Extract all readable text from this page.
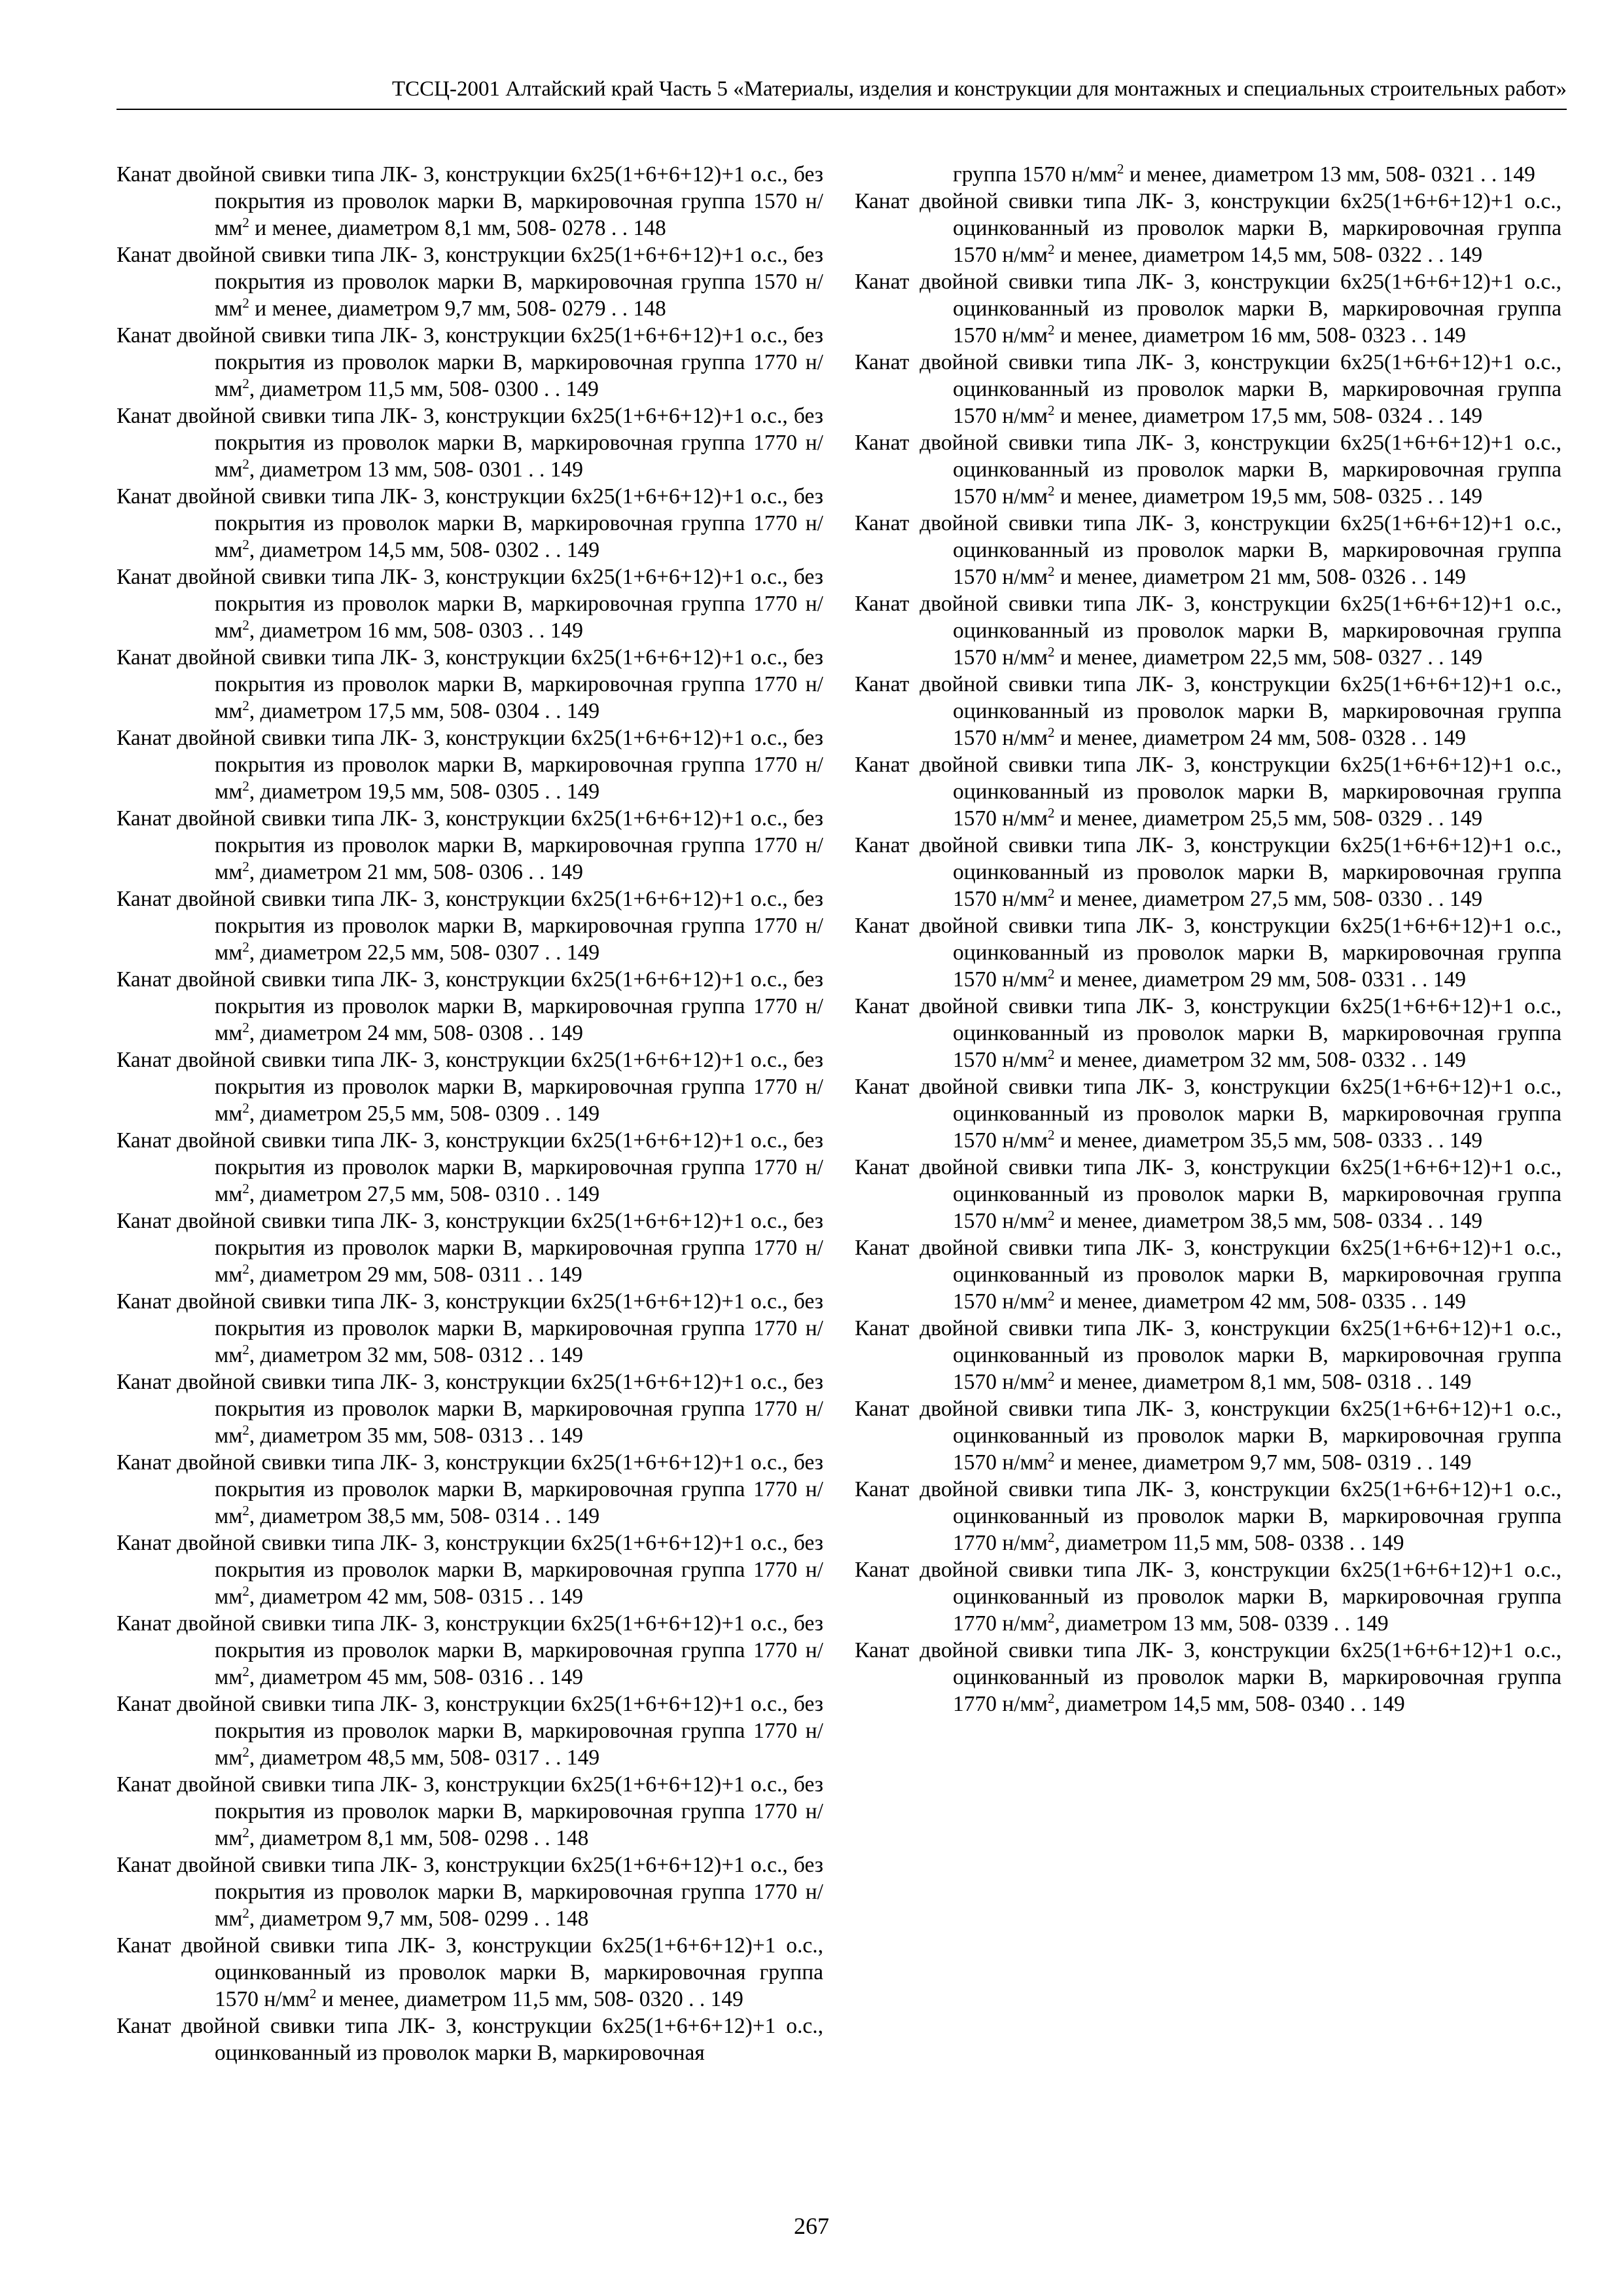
ТССЦ-2001 Алтайский край Часть 5 «Материалы, изделия и конструкции для монтажных и специальных строительных работ»

Канат двойной свивки типа ЛК- З, конструкции 6х25(1+6+6+12)+1 о.с., без покрытия из проволок марки В, маркировочная группа 1570 $н/мм^2$ и менее, диаметром 8,1 мм, 508- 0278 . . 148

Канат двойной свивки типа ЛК- З, конструкции 6х25(1+6+6+12)+1 о.с., без покрытия из проволок марки В, маркировочная группа 1570 $н/мм^2$ и менее, диаметром 9,7 мм, 508- 0279 . . 148

Канат двойной свивки типа ЛК- З, конструкции 6х25(1+6+6+12)+1 о.с., без покрытия из проволок марки В, маркировочная группа 1770 $н/мм^2$, диаметром 11,5 мм, 508- 0300 . . 149

Канат двойной свивки типа ЛК- З, конструкции 6х25(1+6+6+12)+1 о.с., без покрытия из проволок марки В, маркировочная группа 1770 $н/мм^2$, диаметром 13 мм, 508- 0301 . . 149

Канат двойной свивки типа ЛК- З, конструкции 6х25(1+6+6+12)+1 о.с., без покрытия из проволок марки В, маркировочная группа 1770 $н/мм^2$, диаметром 14,5 мм, 508- 0302 . . 149

Канат двойной свивки типа ЛК- З, конструкции 6х25(1+6+6+12)+1 о.с., без покрытия из проволок марки В, маркировочная группа 1770 $н/мм^2$, диаметром 16 мм, 508- 0303 . . 149

Канат двойной свивки типа ЛК- З, конструкции 6х25(1+6+6+12)+1 о.с., без покрытия из проволок марки В, маркировочная группа 1770 $н/мм^2$, диаметром 17,5 мм, 508- 0304 . . 149

Канат двойной свивки типа ЛК- З, конструкции 6х25(1+6+6+12)+1 о.с., без покрытия из проволок марки В, маркировочная группа 1770 $н/мм^2$, диаметром 19,5 мм, 508- 0305 . . 149

Канат двойной свивки типа ЛК- З, конструкции 6х25(1+6+6+12)+1 о.с., без покрытия из проволок марки В, маркировочная группа 1770 $н/мм^2$, диаметром 21 мм, 508- 0306 . . 149

Канат двойной свивки типа ЛК- З, конструкции 6х25(1+6+6+12)+1 о.с., без покрытия из проволок марки В, маркировочная группа 1770 $н/мм^2$, диаметром 22,5 мм, 508- 0307 . . 149

Канат двойной свивки типа ЛК- З, конструкции 6х25(1+6+6+12)+1 о.с., без покрытия из проволок марки В, маркировочная группа 1770 $н/мм^2$, диаметром 24 мм, 508- 0308 . . 149

Канат двойной свивки типа ЛК- З, конструкции 6х25(1+6+6+12)+1 о.с., без покрытия из проволок марки В, маркировочная группа 1770 $н/мм^2$, диаметром 25,5 мм, 508- 0309 . . 149

Канат двойной свивки типа ЛК- З, конструкции 6х25(1+6+6+12)+1 о.с., без покрытия из проволок марки В, маркировочная группа 1770 $н/мм^2$, диаметром 27,5 мм, 508- 0310 . . 149

Канат двойной свивки типа ЛК- З, конструкции 6х25(1+6+6+12)+1 о.с., без покрытия из проволок марки В, маркировочная группа 1770 $н/мм^2$, диаметром 29 мм, 508- 0311 . . 149

Канат двойной свивки типа ЛК- З, конструкции 6х25(1+6+6+12)+1 о.с., без покрытия из проволок марки В, маркировочная группа 1770 $н/мм^2$, диаметром 32 мм, 508- 0312 . . 149

Канат двойной свивки типа ЛК- З, конструкции 6х25(1+6+6+12)+1 о.с., без покрытия из проволок марки В, маркировочная группа 1770 $н/мм^2$, диаметром 35 мм, 508- 0313 . . 149

Канат двойной свивки типа ЛК- З, конструкции 6х25(1+6+6+12)+1 о.с., без покрытия из проволок марки В, маркировочная группа 1770 $н/мм^2$, диаметром 38,5 мм, 508- 0314 . . 149

Канат двойной свивки типа ЛК- З, конструкции 6х25(1+6+6+12)+1 о.с., без покрытия из проволок марки В, маркировочная группа 1770 $н/мм^2$, диаметром 42 мм, 508- 0315 . . 149

Канат двойной свивки типа ЛК- З, конструкции 6х25(1+6+6+12)+1 о.с., без покрытия из проволок марки В, маркировочная группа 1770 $н/мм^2$, диаметром 45 мм, 508- 0316 . . 149

Канат двойной свивки типа ЛК- З, конструкции 6х25(1+6+6+12)+1 о.с., без покрытия из проволок марки В, маркировочная группа 1770 $н/мм^2$, диаметром 48,5 мм, 508- 0317 . . 149

Канат двойной свивки типа ЛК- З, конструкции 6х25(1+6+6+12)+1 о.с., без покрытия из проволок марки В, маркировочная группа 1770 $н/мм^2$, диаметром 8,1 мм, 508- 0298 . . 148

Канат двойной свивки типа ЛК- З, конструкции 6х25(1+6+6+12)+1 о.с., без покрытия из проволок марки В, маркировочная группа 1770 $н/мм^2$, диаметром 9,7 мм, 508- 0299 . . 148

Канат двойной свивки типа ЛК- З, конструкции 6х25(1+6+6+12)+1 о.с., оцинкованный из проволок марки В, маркировочная группа 1570 $н/мм^2$ и менее, диаметром 11,5 мм, 508- 0320 . . 149

Канат двойной свивки типа ЛК- З, конструкции 6х25(1+6+6+12)+1 о.с., оцинкованный из проволок марки В, маркировочная

группа 1570 $н/мм^2$ и менее, диаметром 13 мм, 508- 0321 . . 149

Канат двойной свивки типа ЛК- З, конструкции 6х25(1+6+6+12)+1 о.с., оцинкованный из проволок марки В, маркировочная группа 1570 $н/мм^2$ и менее, диаметром 14,5 мм, 508- 0322 . . 149

Канат двойной свивки типа ЛК- З, конструкции 6х25(1+6+6+12)+1 о.с., оцинкованный из проволок марки В, маркировочная группа 1570 $н/мм^2$ и менее, диаметром 16 мм, 508- 0323 . . 149

Канат двойной свивки типа ЛК- З, конструкции 6х25(1+6+6+12)+1 о.с., оцинкованный из проволок марки В, маркировочная группа 1570 $н/мм^2$ и менее, диаметром 17,5 мм, 508- 0324 . . 149

Канат двойной свивки типа ЛК- З, конструкции 6х25(1+6+6+12)+1 о.с., оцинкованный из проволок марки В, маркировочная группа 1570 $н/мм^2$ и менее, диаметром 19,5 мм, 508- 0325 . . 149

Канат двойной свивки типа ЛК- З, конструкции 6х25(1+6+6+12)+1 о.с., оцинкованный из проволок марки В, маркировочная группа 1570 $н/мм^2$ и менее, диаметром 21 мм, 508- 0326 . . 149

Канат двойной свивки типа ЛК- З, конструкции 6х25(1+6+6+12)+1 о.с., оцинкованный из проволок марки В, маркировочная группа 1570 $н/мм^2$ и менее, диаметром 22,5 мм, 508- 0327 . . 149

Канат двойной свивки типа ЛК- З, конструкции 6х25(1+6+6+12)+1 о.с., оцинкованный из проволок марки В, маркировочная группа 1570 $н/мм^2$ и менее, диаметром 24 мм, 508- 0328 . . 149

Канат двойной свивки типа ЛК- З, конструкции 6х25(1+6+6+12)+1 о.с., оцинкованный из проволок марки В, маркировочная группа 1570 $н/мм^2$ и менее, диаметром 25,5 мм, 508- 0329 . . 149

Канат двойной свивки типа ЛК- З, конструкции 6х25(1+6+6+12)+1 о.с., оцинкованный из проволок марки В, маркировочная группа 1570 $н/мм^2$ и менее, диаметром 27,5 мм, 508- 0330 . . 149

Канат двойной свивки типа ЛК- З, конструкции 6х25(1+6+6+12)+1 о.с., оцинкованный из проволок марки В, маркировочная группа 1570 $н/мм^2$ и менее, диаметром 29 мм, 508- 0331 . . 149

Канат двойной свивки типа ЛК- З, конструкции 6х25(1+6+6+12)+1 о.с., оцинкованный из проволок марки В, маркировочная группа 1570 $н/мм^2$ и менее, диаметром 32 мм, 508- 0332 . . 149

Канат двойной свивки типа ЛК- З, конструкции 6х25(1+6+6+12)+1 о.с., оцинкованный из проволок марки В, маркировочная группа 1570 $н/мм^2$ и менее, диаметром 35,5 мм, 508- 0333 . . 149

Канат двойной свивки типа ЛК- З, конструкции 6х25(1+6+6+12)+1 о.с., оцинкованный из проволок марки В, маркировочная группа 1570 $н/мм^2$ и менее, диаметром 38,5 мм, 508- 0334 . . 149

Канат двойной свивки типа ЛК- З, конструкции 6х25(1+6+6+12)+1 о.с., оцинкованный из проволок марки В, маркировочная группа 1570 $н/мм^2$ и менее, диаметром 42 мм, 508- 0335 . . 149

Канат двойной свивки типа ЛК- З, конструкции 6х25(1+6+6+12)+1 о.с., оцинкованный из проволок марки В, маркировочная группа 1570 $н/мм^2$ и менее, диаметром 8,1 мм, 508- 0318 . . 149

Канат двойной свивки типа ЛК- З, конструкции 6х25(1+6+6+12)+1 о.с., оцинкованный из проволок марки В, маркировочная группа 1570 $н/мм^2$ и менее, диаметром 9,7 мм, 508- 0319 . . 149

Канат двойной свивки типа ЛК- З, конструкции 6х25(1+6+6+12)+1 о.с., оцинкованный из проволок марки В, маркировочная группа 1770 $н/мм^2$, диаметром 11,5 мм, 508- 0338 . . 149

Канат двойной свивки типа ЛК- З, конструкции 6х25(1+6+6+12)+1 о.с., оцинкованный из проволок марки В, маркировочная группа 1770 $н/мм^2$, диаметром 13 мм, 508- 0339 . . 149

Канат двойной свивки типа ЛК- З, конструкции 6х25(1+6+6+12)+1 о.с., оцинкованный из проволок марки В, маркировочная группа 1770 $н/мм^2$, диаметром 14,5 мм, 508- 0340 . . 149

267
